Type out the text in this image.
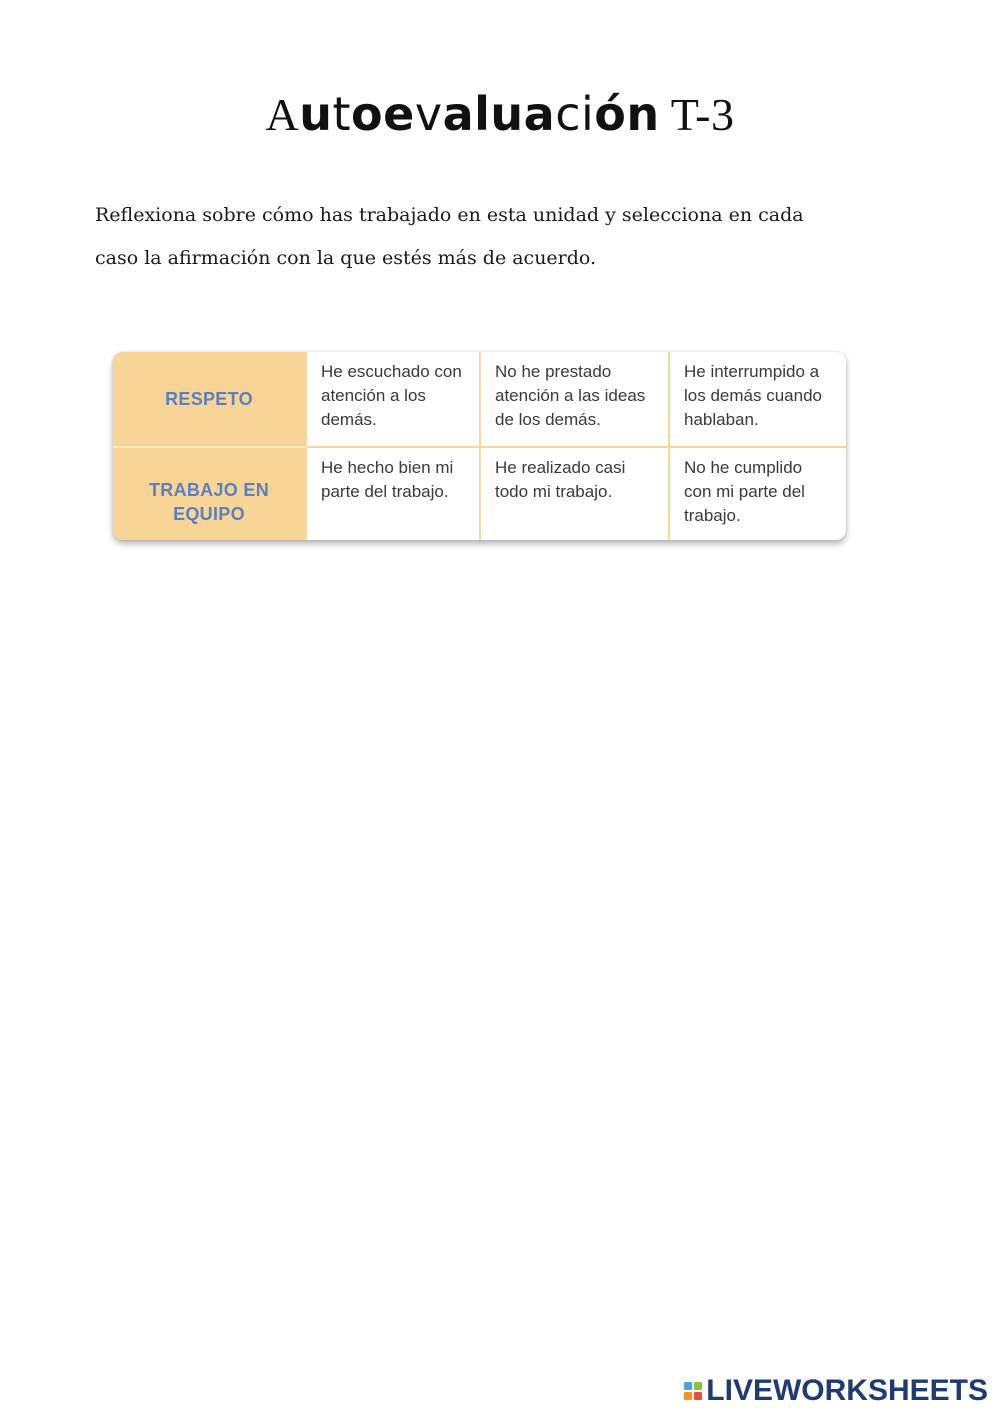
Autoevaluación T-3
Reflexiona sobre cómo has trabajado en esta unidad y selecciona en cada
caso la afirmación con la que estés más de acuerdo.
RESPETO	He escuchado con atención a los demás.	No he prestado atención a las ideas de los demás.	He interrumpido a los demás cuando hablaban.
TRABAJO EN EQUIPO	He hecho bien mi parte del trabajo.	He realizado casi todo mi trabajo.	No he cumplido con mi parte del trabajo.
LIVEWORKSHEETS
